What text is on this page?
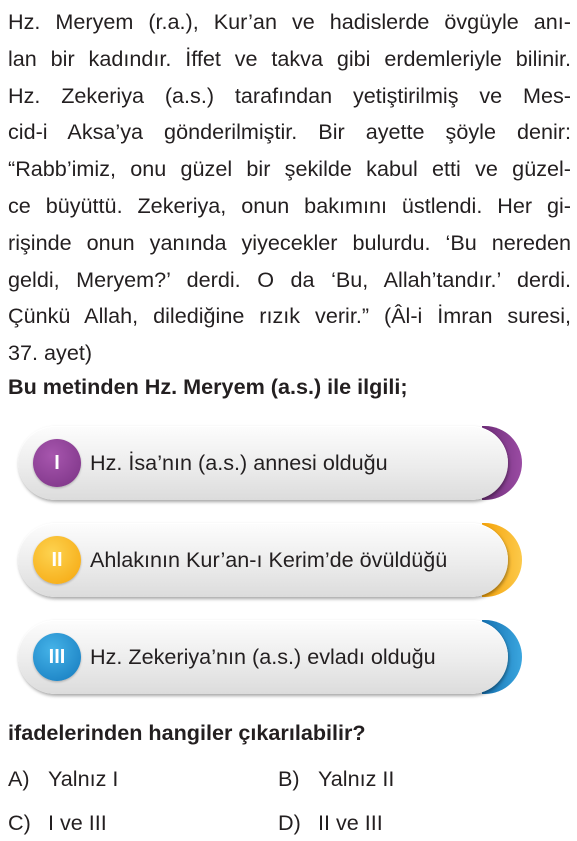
Hz. Meryem (r.a.), Kur’an ve hadislerde övgüyle anı-
lan bir kadındır. İffet ve takva gibi erdemleriyle bilinir.
Hz. Zekeriya (a.s.) tarafından yetiştirilmiş ve Mes-
cid-i Aksa’ya gönderilmiştir. Bir ayette şöyle denir:
“Rabb’imiz, onu güzel bir şekilde kabul etti ve güzel-
ce büyüttü. Zekeriya, onun bakımını üstlendi. Her gi-
rişinde onun yanında yiyecekler bulurdu. ‘Bu nereden
geldi, Meryem?’ derdi. O da ‘Bu, Allah’tandır.’ derdi.
Çünkü Allah, dilediğine rızık verir.” (Âl-i İmran suresi,
37. ayet)

Bu metinden Hz. Meryem (a.s.) ile ilgili;

I	Hz. İsa’nın (a.s.) annesi olduğu
II	Ahlakının Kur’an-ı Kerim’de övüldüğü
III	Hz. Zekeriya’nın (a.s.) evladı olduğu

ifadelerinden hangiler çıkarılabilir?

A) Yalnız I	B) Yalnız II
C) I ve III	D) II ve III
